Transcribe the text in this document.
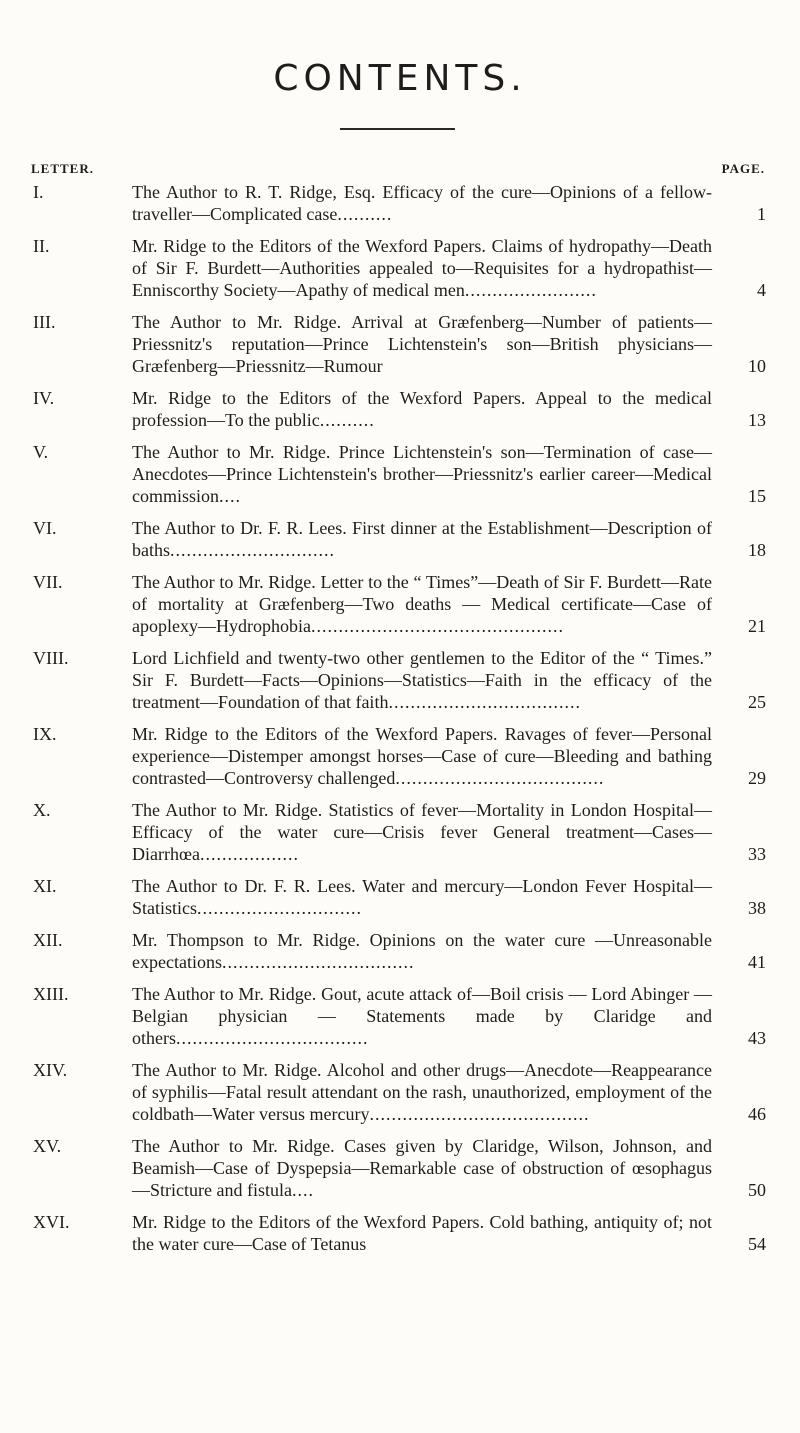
CONTENTS.
LETTER.	PAGE.
I.	The Author to R. T. Ridge, Esq. Efficacy of the cure—Opinions of a fellow-traveller—Complicated case..........	1
II.	Mr. Ridge to the Editors of the Wexford Papers. Claims of hydropathy—Death of Sir F. Burdett—Authorities appealed to—Requisites for a hydropathist—Enniscorthy Society—Apathy of medical men........................	4
III.	The Author to Mr. Ridge. Arrival at Græfenberg—Number of patients—Priessnitz's reputation—Prince Lichtenstein's son—British physicians—Græfenberg—Priessnitz—Rumour	10
IV.	Mr. Ridge to the Editors of the Wexford Papers. Appeal to the medical profession—To the public..........	13
V.	The Author to Mr. Ridge. Prince Lichtenstein's son—Termination of case—Anecdotes—Prince Lichtenstein's brother—Priessnitz's earlier career—Medical commission....	15
VI.	The Author to Dr. F. R. Lees. First dinner at the Establishment—Description of baths..............................	18
VII.	The Author to Mr. Ridge. Letter to the “ Times”—Death of Sir F. Burdett—Rate of mortality at Græfenberg—Two deaths — Medical certificate—Case of apoplexy—Hydrophobia..............................................	21
VIII.	Lord Lichfield and twenty-two other gentlemen to the Editor of the “ Times.” Sir F. Burdett—Facts—Opinions—Statistics—Faith in the efficacy of the treatment—Foundation of that faith...................................	25
IX.	Mr. Ridge to the Editors of the Wexford Papers. Ravages of fever—Personal experience—Distemper amongst horses—Case of cure—Bleeding and bathing contrasted—Controversy challenged......................................	29
X.	The Author to Mr. Ridge. Statistics of fever—Mortality in London Hospital—Efficacy of the water cure—Crisis fever General treatment—Cases— Diarrhœa..................	33
XI.	The Author to Dr. F. R. Lees. Water and mercury—London Fever Hospital—Statistics..............................	38
XII.	Mr. Thompson to Mr. Ridge. Opinions on the water cure —Unreasonable expectations...................................	41
XIII.	The Author to Mr. Ridge. Gout, acute attack of—Boil crisis — Lord Abinger — Belgian physician — Statements made by Claridge and others...................................	43
XIV.	The Author to Mr. Ridge. Alcohol and other drugs—Anecdote—Reappearance of syphilis—Fatal result attendant on the rash, unauthorized, employment of the coldbath—Water versus mercury........................................	46
XV.	The Author to Mr. Ridge. Cases given by Claridge, Wilson, Johnson, and Beamish—Case of Dyspepsia—Remarkable case of obstruction of œsophagus—Stricture and fistula....	50
XVI.	Mr. Ridge to the Editors of the Wexford Papers. Cold bathing, antiquity of; not the water cure—Case of Tetanus	54
